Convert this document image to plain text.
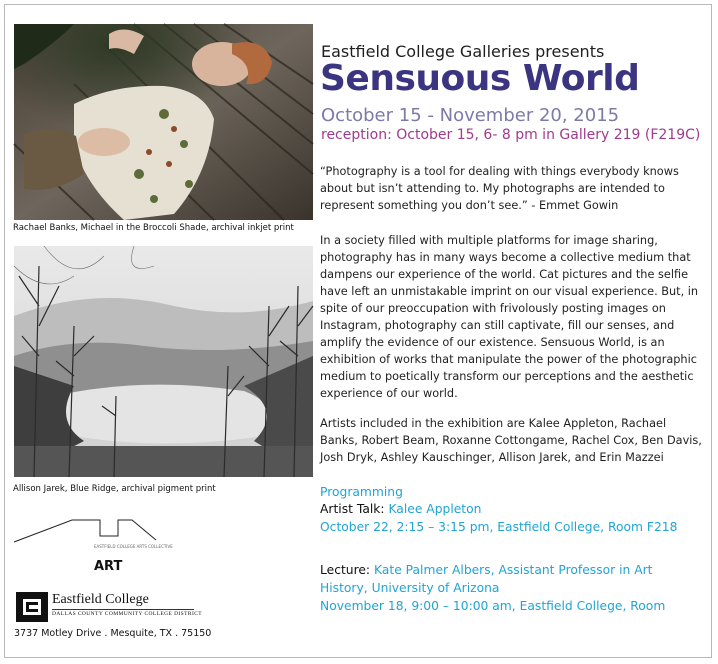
Rachael Banks, Michael in the Broccoli Shade, archival inkjet print
Allison Jarek, Blue Ridge, archival pigment print
Eastfield College Galleries presents
Sensuous World
October 15 - November 20, 2015
reception: October 15, 6- 8 pm in Gallery 219 (F219C)

“Photography is a tool for dealing with things everybody knows about but isn’t attending to. My photographs are intended to represent something you don’t see.” - Emmet Gowin

In a society filled with multiple platforms for image sharing, photography has in many ways become a collective medium that dampens our experience of the world. Cat pictures and the selfie have left an unmistakable imprint on our visual experience. But, in spite of our preoccupation with frivolously posting images on Instagram, photography can still captivate, fill our senses, and amplify the evidence of our existence. Sensuous World, is an exhibition of works that manipulate the power of the photographic medium to poetically transform our perceptions and the aesthetic experience of our world.

Artists included in the exhibition are Kalee Appleton, Rachael Banks, Robert Beam, Roxanne Cottongame, Rachel Cox, Ben Davis, Josh Dryk, Ashley Kauschinger, Allison Jarek, and Erin Mazzei

Programming
Artist Talk: Kalee Appleton
October 22, 2:15 – 3:15 pm, Eastfield College, Room F218
Lecture: Kate Palmer Albers, Assistant Professor in Art
History, University of Arizona
November 18, 9:00 – 10:00 am, Eastfield College, Room
EASTFIELD COLLEGE ARTS COLLECTIVE
ART
Eastfield College
DALLAS COUNTY COMMUNITY COLLEGE DISTRICT
3737 Motley Drive . Mesquite, TX . 75150
